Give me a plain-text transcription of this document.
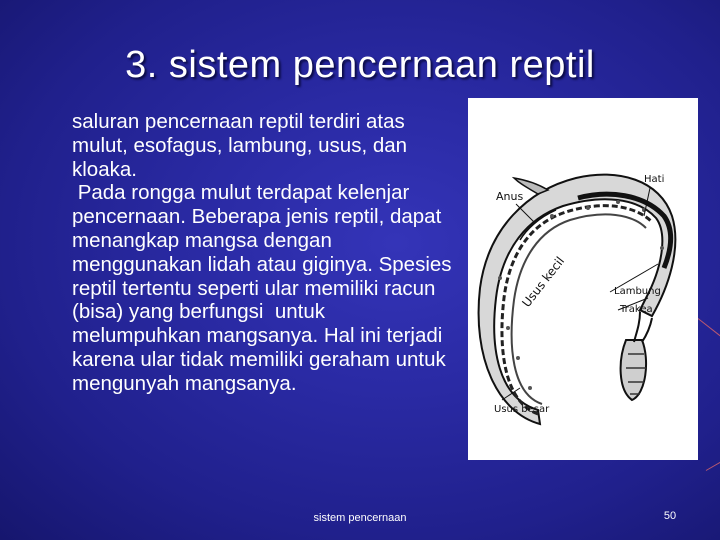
3. sistem pencernaan reptil

saluran pencernaan reptil terdiri atas mulut, esofagus, lambung, usus, dan kloaka.

Pada rongga mulut terdapat kelenjar pencernaan. Beberapa jenis reptil, dapat menangkap mangsa dengan menggunakan lidah atau giginya. Spesies reptil tertentu seperti ular memiliki racun (bisa) yang berfungsi  untuk melumpuhkan mangsanya. Hal ini terjadi karena ular tidak memiliki geraham untuk mengunyah mangsanya.

Anus
Hati
Usus kecil	Lambung
Trakea
Usus besar
sistem pencernaan	50
